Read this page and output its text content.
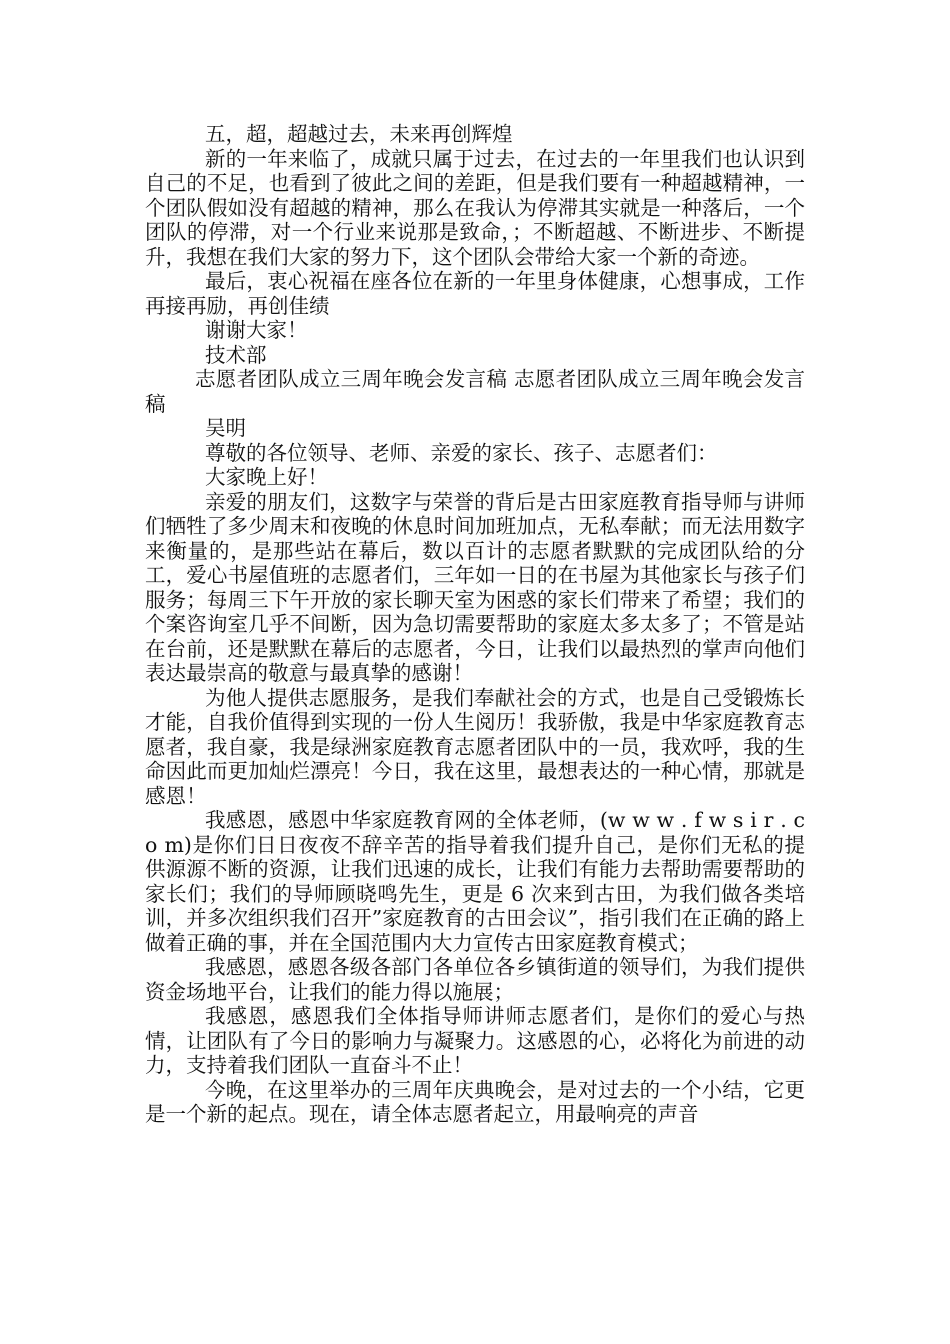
五，超，超越过去，未来再创辉煌

新的一年来临了，成就只属于过去，在过去的一年里我们也认识到自己的不足，也看到了彼此之间的差距，但是我们要有一种超越精神，一个团队假如没有超越的精神，那么在我认为停滞其实就是一种落后，一个团队的停滞，对一个行业来说那是致命，；不断超越、不断进步、不断提升，我想在我们大家的努力下，这个团队会带给大家一个新的奇迹。

最后，衷心祝福在座各位在新的一年里身体健康，心想事成，工作再接再励，再创佳绩

谢谢大家！

技术部

志愿者团队成立三周年晚会发言稿 志愿者团队成立三周年晚会发言稿

吴明

尊敬的各位领导、老师、亲爱的家长、孩子、志愿者们：

大家晚上好！

亲爱的朋友们，这数字与荣誉的背后是古田家庭教育指导师与讲师们牺牲了多少周末和夜晚的休息时间加班加点，无私奉献；而无法用数字来衡量的，是那些站在幕后，数以百计的志愿者默默的完成团队给的分工，爱心书屋值班的志愿者们，三年如一日的在书屋为其他家长与孩子们服务；每周三下午开放的家长聊天室为困惑的家长们带来了希望；我们的个案咨询室几乎不间断，因为急切需要帮助的家庭太多太多了；不管是站在台前，还是默默在幕后的志愿者，今日，让我们以最热烈的掌声向他们表达最崇高的敬意与最真挚的感谢！

为他人提供志愿服务，是我们奉献社会的方式，也是自己受锻炼长才能，自我价值得到实现的一份人生阅历！我骄傲，我是中华家庭教育志愿者，我自豪，我是绿洲家庭教育志愿者团队中的一员，我欢呼，我的生命因此而更加灿烂漂亮！今日，我在这里，最想表达的一种心情，那就是感恩！

我感恩，感恩中华家庭教育网的全体老师，(w w w . f w s i r . c o m)是你们日日夜夜不辞辛苦的指导着我们提升自己，是你们无私的提供源源不断的资源，让我们迅速的成长，让我们有能力去帮助需要帮助的家长们；我们的导师顾晓鸣先生，更是 6 次来到古田，为我们做各类培训，并多次组织我们召开”家庭教育的古田会议”，指引我们在正确的路上做着正确的事，并在全国范围内大力宣传古田家庭教育模式；

我感恩，感恩各级各部门各单位各乡镇街道的领导们，为我们提供资金场地平台，让我们的能力得以施展；

我感恩，感恩我们全体指导师讲师志愿者们，是你们的爱心与热情，让团队有了今日的影响力与凝聚力。这感恩的心，必将化为前进的动力，支持着我们团队一直奋斗不止！

今晚，在这里举办的三周年庆典晚会，是对过去的一个小结，它更是一个新的起点。现在，请全体志愿者起立，用最响亮的声音
